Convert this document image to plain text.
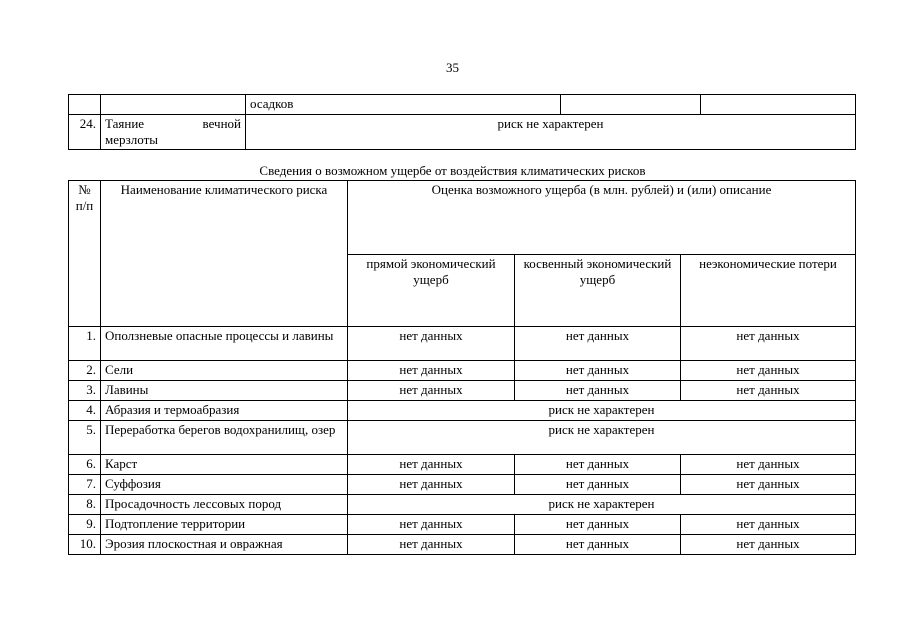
35
		осадков		
24.	Таяние вечной
мерзлоты	риск не характерен		
Сведения о возможном ущербе от воздействия климатических рисков
№ п/п	Наименование климатического риска	Оценка возможного ущерба (в млн. рублей) и (или) описание		
		прямой экономический ущерб	косвенный экономический ущерб	неэкономические потери
1.	Оползневые опасные процессы и лавины	нет данных	нет данных	нет данных
2.	Сели	нет данных	нет данных	нет данных
3.	Лавины	нет данных	нет данных	нет данных
4.	Абразия и термоабразия	риск не характерен		
5.	Переработка берегов водохранилищ, озер	риск не характерен		
6.	Карст	нет данных	нет данных	нет данных
7.	Суффозия	нет данных	нет данных	нет данных
8.	Просадочность лессовых пород	риск не характерен		
9.	Подтопление территории	нет данных	нет данных	нет данных
10.	Эрозия плоскостная и овражная	нет данных	нет данных	нет данных
